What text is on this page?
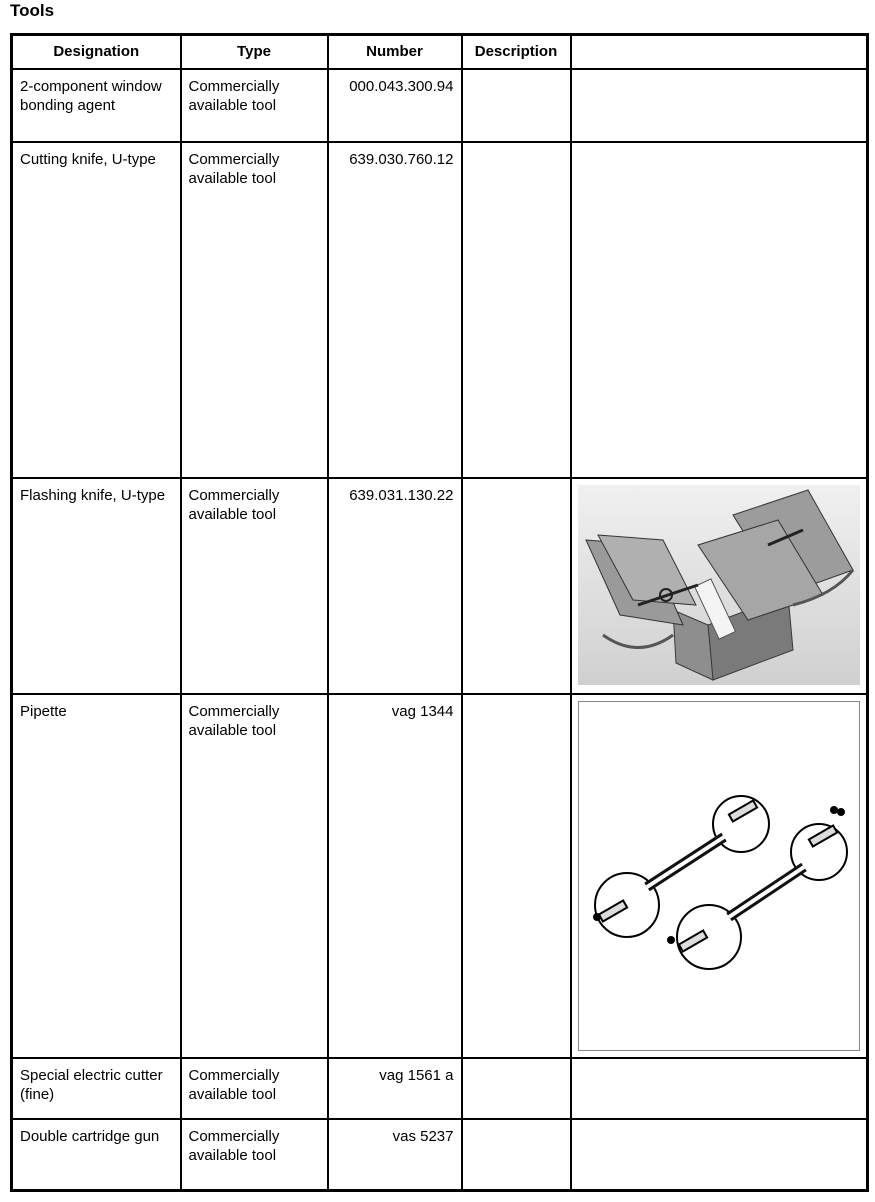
Tools
Designation	Type	Number	Description	

2-component window bonding agent	Commercially available tool	000.043.300.94		

Cutting knife, U-type	Commercially available tool	639.030.760.12		

Flashing knife, U-type	Commercially available tool	639.031.130.22

Pipette	Commercially available tool	vag 1344

Special electric cutter (fine)	Commercially available tool	vag 1561 a		

Double cartridge gun	Commercially available tool	vas 5237		
